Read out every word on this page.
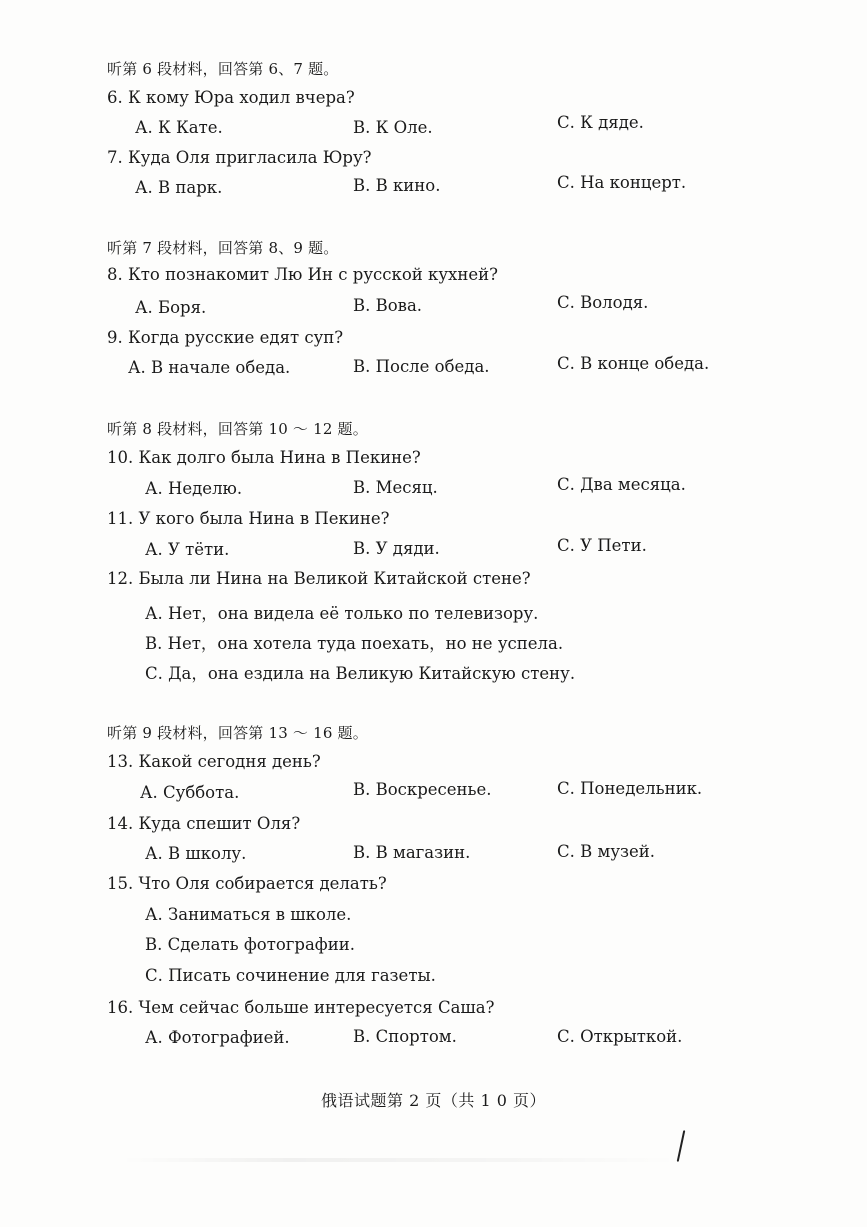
听第 6 段材料，回答第 6、7 题。
6. К кому Юра ходил вчера?
А. К Кате.	В. К Оле.	С. К дяде.
7. Куда Оля пригласила Юру?
А. В парк.	В. В кино.	С. На концерт.
听第 7 段材料，回答第 8、9 题。
8. Кто познакомит Лю Ин с русской кухней?
А. Боря.	В. Вова.	С. Володя.
9. Когда русские едят суп?
А. В начале обеда.	В. После обеда.	С. В конце обеда.
听第 8 段材料，回答第 10 ～ 12 题。
10. Как долго была Нина в Пекине?
А. Неделю.	В. Месяц.	С. Два месяца.
11. У кого была Нина в Пекине?
А. У тёти.	В. У дяди.	С. У Пети.
12. Была ли Нина на Великой Китайской стене?
А. Нет，она видела её только по телевизору.
В. Нет，она хотела туда поехать，но не успела.
С. Да，она ездила на Великую Китайскую стену.
听第 9 段材料，回答第 13 ～ 16 题。
13. Какой сегодня день?
А. Суббота.	В. Воскресенье.	С. Понедельник.
14. Куда спешит Оля?
А. В школу.	В. В магазин.	С. В музей.
15. Что Оля собирается делать?
А. Заниматься в школе.
В. Сделать фотографии.
С. Писать сочинение для газеты.
16. Чем сейчас больше интересуется Саша?
А. Фотографией.	В. Спортом.	С. Открыткой.
俄语试题第 2 页（共 1 0 页）
